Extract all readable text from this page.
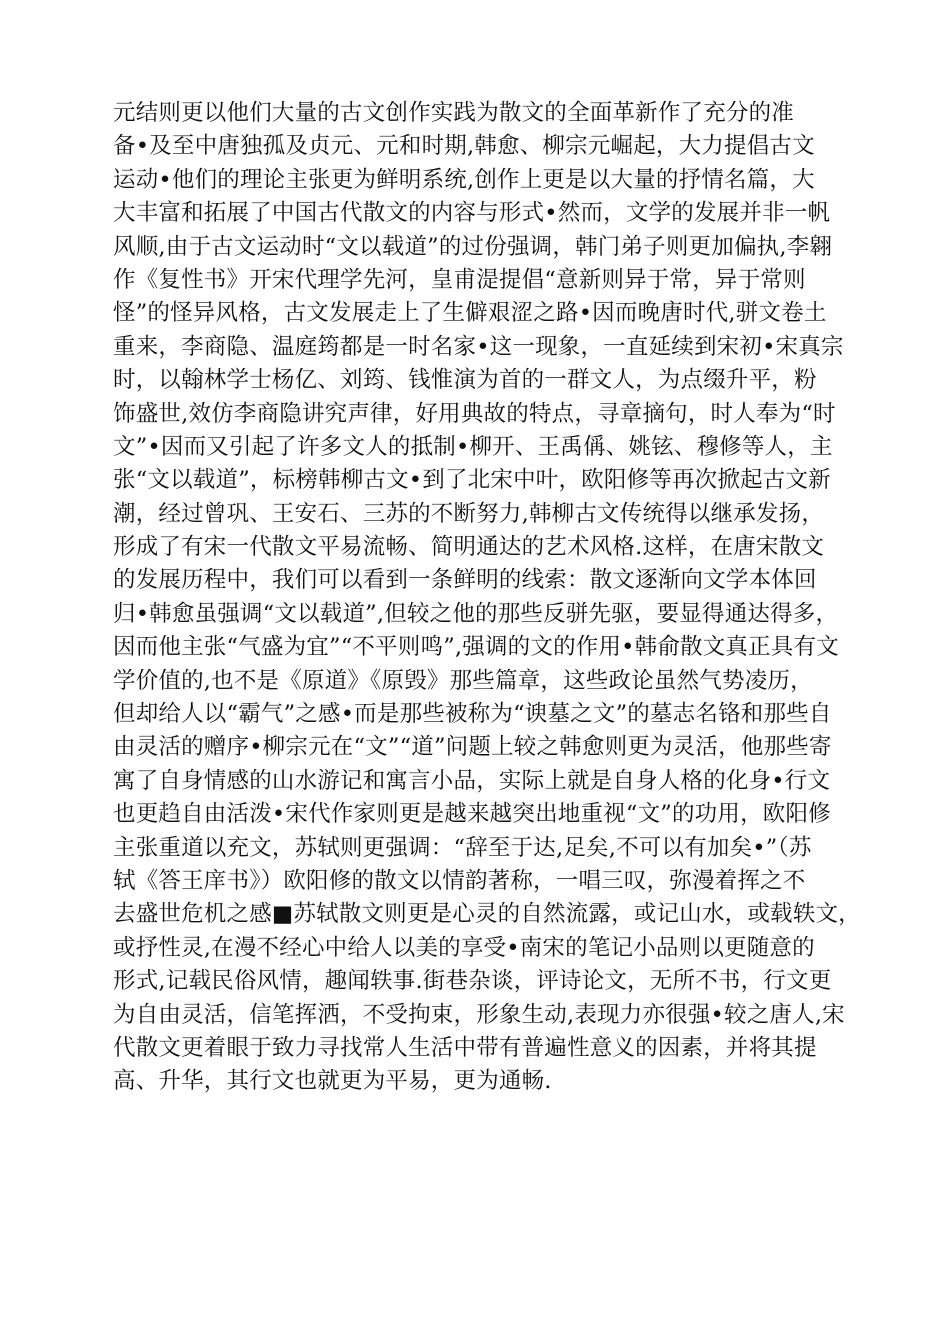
元结则更以他们大量的古文创作实践为散文的全面革新作了充分的准
备•及至中唐独孤及贞元、元和时期,韩愈、柳宗元崛起，大力提倡古文
运动•他们的理论主张更为鲜明系统,创作上更是以大量的抒情名篇，大
大丰富和拓展了中国古代散文的内容与形式•然而，文学的发展并非一帆
风顺,由于古文运动时“文以载道”的过份强调，韩门弟子则更加偏执,李翱
作《复性书》开宋代理学先河，皇甫湜提倡“意新则异于常，异于常则
怪”的怪异风格，古文发展走上了生僻艰涩之路•因而晚唐时代,骈文卷土
重来，李商隐、温庭筠都是一时名家•这一现象，一直延续到宋初•宋真宗
时，以翰林学士杨亿、刘筠、钱惟演为首的一群文人，为点缀升平，粉
饰盛世,效仿李商隐讲究声律，好用典故的特点，寻章摘句，时人奉为“时
文”•因而又引起了许多文人的抵制•柳开、王禹偁、姚铉、穆修等人，主
张“文以载道”，标榜韩柳古文•到了北宋中叶，欧阳修等再次掀起古文新
潮，经过曾巩、王安石、三苏的不断努力,韩柳古文传统得以继承发扬，
形成了有宋一代散文平易流畅、简明通达的艺术风格.这样，在唐宋散文
的发展历程中，我们可以看到一条鲜明的线索：散文逐渐向文学本体回
归•韩愈虽强调“文以载道”,但较之他的那些反骈先驱，要显得通达得多，
因而他主张“气盛为宜”“不平则鸣”,强调的文的作用•韩俞散文真正具有文
学价值的,也不是《原道》《原毁》那些篇章，这些政论虽然气势凌历，
但却给人以“霸气”之感•而是那些被称为“谀墓之文”的墓志名铬和那些自
由灵活的赠序•柳宗元在“文”“道”问题上较之韩愈则更为灵活，他那些寄
寓了自身情感的山水游记和寓言小品，实际上就是自身人格的化身•行文
也更趋自由活泼•宋代作家则更是越来越突出地重视“文”的功用，欧阳修
主张重道以充文，苏轼则更强调：“辞至于达,足矣,不可以有加矣•”（苏
轼《答王庠书》）欧阳修的散文以情韵著称，一唱三叹，弥漫着挥之不
去盛世危机之感■苏轼散文则更是心灵的自然流露，或记山水，或载轶文，
或抒性灵,在漫不经心中给人以美的享受•南宋的笔记小品则以更随意的
形式,记载民俗风情，趣闻轶事.街巷杂谈，评诗论文，无所不书，行文更
为自由灵活，信笔挥洒，不受拘束，形象生动,表现力亦很强•较之唐人,宋
代散文更着眼于致力寻找常人生活中带有普遍性意义的因素，并将其提
高、升华，其行文也就更为平易，更为通畅.
